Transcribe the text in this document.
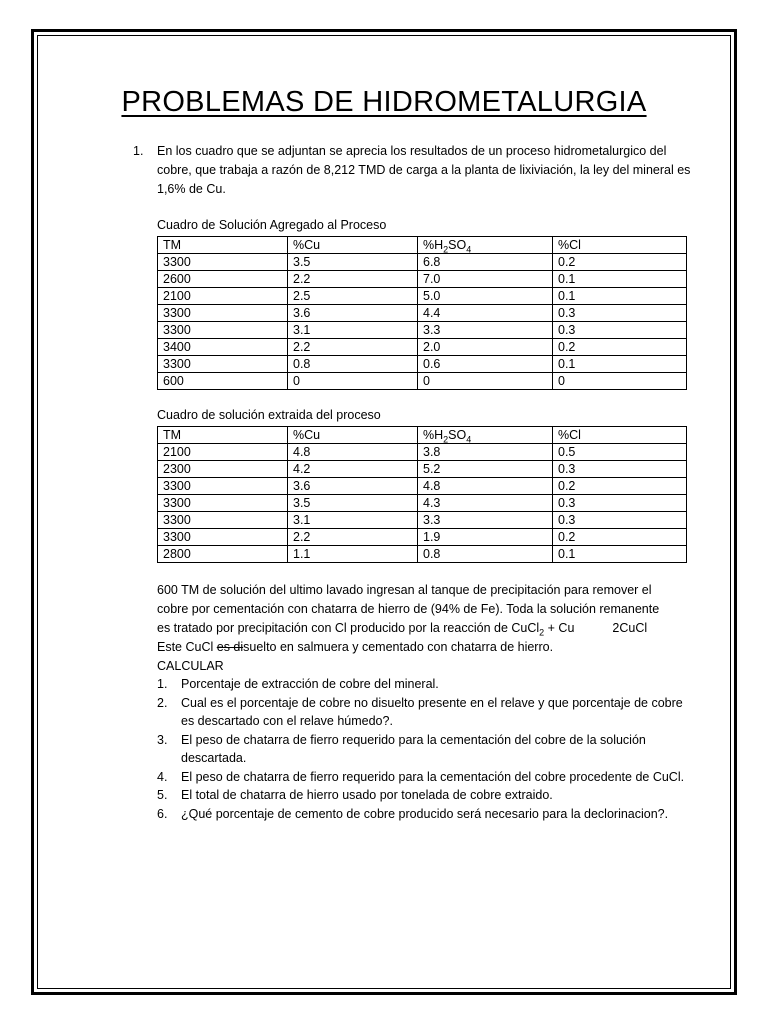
PROBLEMAS DE HIDROMETALURGIA
1. En los cuadro que se adjuntan se aprecia los resultados de un proceso hidrometalurgico del cobre, que trabaja a razón de 8,212 TMD de carga a la planta de lixiviación, la ley del mineral es 1,6% de Cu.
Cuadro de Solución Agregado al Proceso
TM	%Cu	$\%H_2SO_4$	%Cl
3300	3.5	6.8	0.2
2600	2.2	7.0	0.1
2100	2.5	5.0	0.1
3300	3.6	4.4	0.3
3300	3.1	3.3	0.3
3400	2.2	2.0	0.2
3300	0.8	0.6	0.1
600	0	0	0
Cuadro de solución extraida del proceso
TM	%Cu	$\%H_2SO_4$	%Cl
2100	4.8	3.8	0.5
2300	4.2	5.2	0.3
3300	3.6	4.8	0.2
3300	3.5	4.3	0.3
3300	3.1	3.3	0.3
3300	2.2	1.9	0.2
2800	1.1	0.8	0.1
600 TM de solución del ultimo lavado ingresan al tanque de precipitación para remover el
cobre por cementación con chatarra de hierro de (94% de Fe). Toda la solución remanente
es tratado por precipitación con Cl producido por la reacción de CuCl$_2$ + Cu	2CuCl
Este CuCl es disuelto en salmuera y cementado con chatarra de hierro.
CALCULAR
1. Porcentaje de extracción de cobre del mineral.
2. Cual es el porcentaje de cobre no disuelto presente en el relave y que porcentaje de cobre es descartado con el relave húmedo?.
3. El peso de chatarra de fierro requerido para la cementación del cobre de la solución descartada.
4. El peso de chatarra de fierro requerido para la cementación del cobre procedente de CuCl.
5. El total de chatarra de hierro usado por tonelada de cobre extraido.
6. ¿Qué porcentaje de cemento de cobre producido será necesario para la declorinacion?.
